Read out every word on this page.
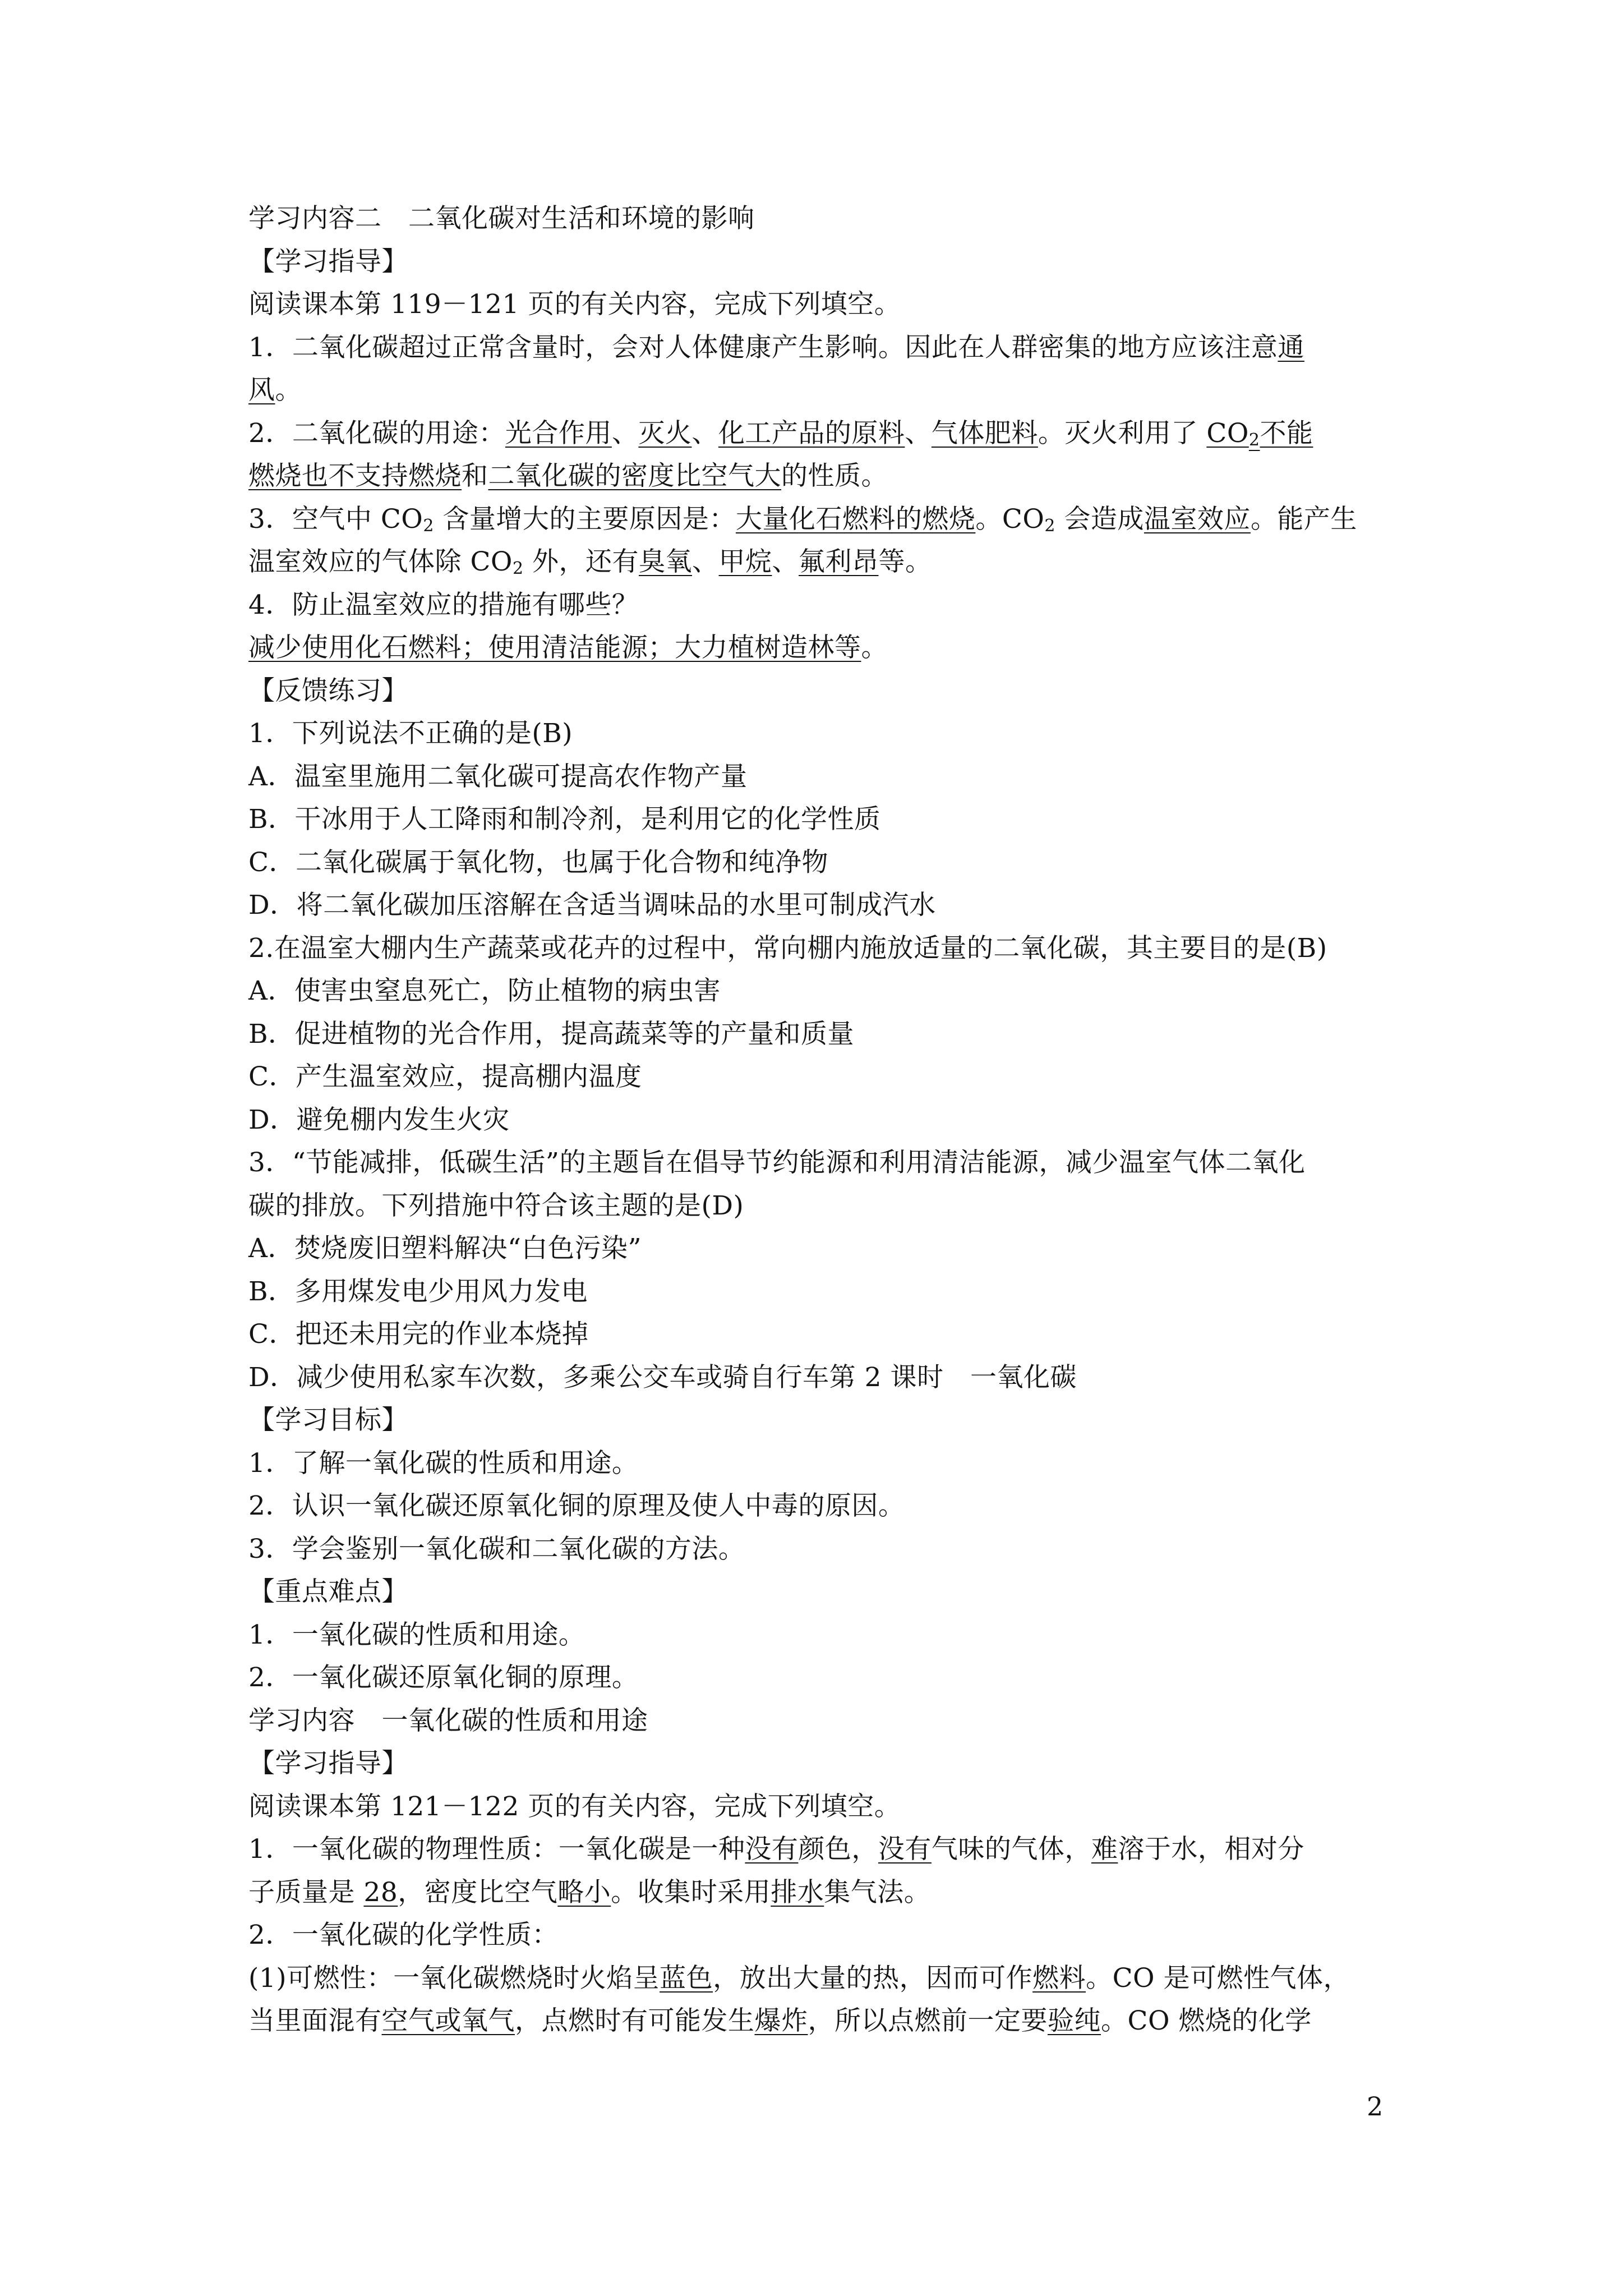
学习内容二　二氧化碳对生活和环境的影响
【学习指导】
阅读课本第 119－121 页的有关内容，完成下列填空。
1．二氧化碳超过正常含量时，会对人体健康产生影响。因此在人群密集的地方应该注意通
风。
2．二氧化碳的用途：光合作用、灭火、化工产品的原料、气体肥料。灭火利用了 $CO_2$不能
燃烧也不支持燃烧和二氧化碳的密度比空气大的性质。
3．空气中 $CO_2$ 含量增大的主要原因是：大量化石燃料的燃烧。$CO_2$ 会造成温室效应。能产生
温室效应的气体除 $CO_2$ 外，还有臭氧、甲烷、氟利昂等。
4．防止温室效应的措施有哪些？
减少使用化石燃料；使用清洁能源；大力植树造林等。
【反馈练习】
1．下列说法不正确的是(B)
A．温室里施用二氧化碳可提高农作物产量
B．干冰用于人工降雨和制冷剂，是利用它的化学性质
C．二氧化碳属于氧化物，也属于化合物和纯净物
D．将二氧化碳加压溶解在含适当调味品的水里可制成汽水
2.在温室大棚内生产蔬菜或花卉的过程中，常向棚内施放适量的二氧化碳，其主要目的是(B)
A．使害虫窒息死亡，防止植物的病虫害
B．促进植物的光合作用，提高蔬菜等的产量和质量
C．产生温室效应，提高棚内温度
D．避免棚内发生火灾
3．“节能减排，低碳生活”的主题旨在倡导节约能源和利用清洁能源，减少温室气体二氧化
碳的排放。下列措施中符合该主题的是(D)
A．焚烧废旧塑料解决“白色污染”
B．多用煤发电少用风力发电
C．把还未用完的作业本烧掉
D．减少使用私家车次数，多乘公交车或骑自行车第 2 课时　一氧化碳
【学习目标】
1．了解一氧化碳的性质和用途。
2．认识一氧化碳还原氧化铜的原理及使人中毒的原因。
3．学会鉴别一氧化碳和二氧化碳的方法。
【重点难点】
1．一氧化碳的性质和用途。
2．一氧化碳还原氧化铜的原理。
学习内容　一氧化碳的性质和用途
【学习指导】
阅读课本第 121－122 页的有关内容，完成下列填空。
1．一氧化碳的物理性质：一氧化碳是一种没有颜色，没有气味的气体，难溶于水，相对分
子质量是 28，密度比空气略小。收集时采用排水集气法。
2．一氧化碳的化学性质：
(1)可燃性：一氧化碳燃烧时火焰呈蓝色，放出大量的热，因而可作燃料。CO 是可燃性气体，
当里面混有空气或氧气，点燃时有可能发生爆炸，所以点燃前一定要验纯。CO 燃烧的化学
2
